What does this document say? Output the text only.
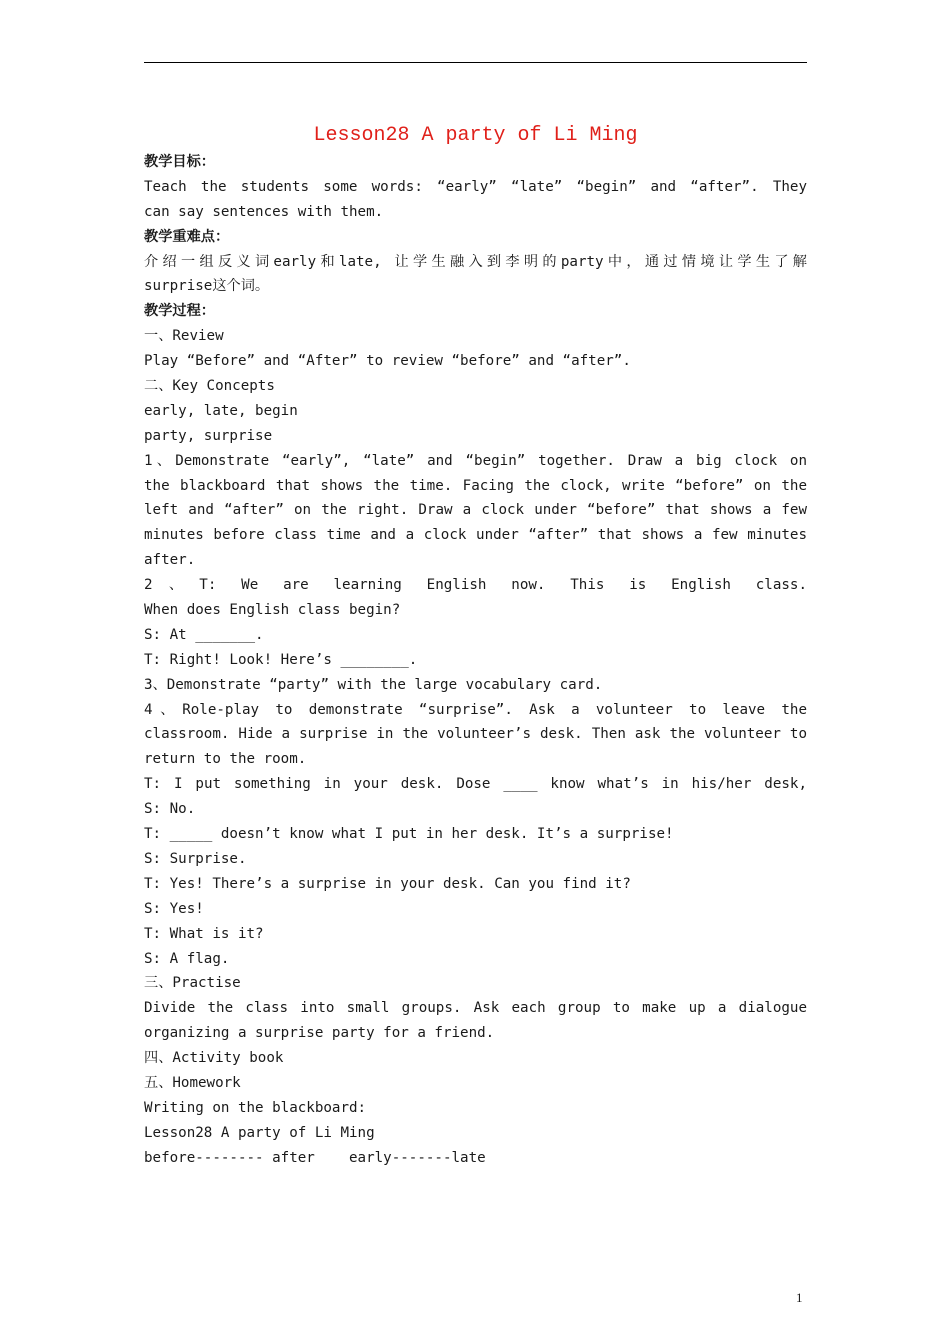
Lesson28 A party of Li Ming
教学目标：
Teach the students some words: “early” “late” “begin” and “after”. They
can say sentences with them.
教学重难点：
介绍一组反义词early和late, 让学生融入到李明的party中，通过情境让学生了解
surprise这个词。
教学过程：
一、Review
Play “Before” and “After” to review “before” and “after”.
二、Key Concepts
early, late, begin
party, surprise
1、Demonstrate “early”, “late” and “begin” together. Draw a big clock on
the blackboard that shows the time. Facing the clock, write “before” on the
left and “after” on the right. Draw a clock under “before” that shows a few
minutes before class time and a clock under “after” that shows a few minutes
after.
2、T: We are learning English now. This is English class.
When does English class begin?
S: At _______.
T: Right! Look! Here’s ________.
3、Demonstrate “party” with the large vocabulary card.
4、Role-play to demonstrate “surprise”. Ask a volunteer to leave the
classroom. Hide a surprise in the volunteer’s desk. Then ask the volunteer to
return to the room.
T: I put something in your desk. Dose ____ know what’s in his/her desk,
S: No.
T: _____ doesn’t know what I put in her desk. It’s a surprise!
S: Surprise.
T: Yes! There’s a surprise in your desk. Can you find it?
S: Yes!
T: What is it?
S: A flag.
三、Practise
Divide the class into small groups. Ask each group to make up a dialogue
organizing a surprise party for a friend.
四、Activity book
五、Homework
Writing on the blackboard:
Lesson28 A party of Li Ming
before-------- after    early-------late
1
